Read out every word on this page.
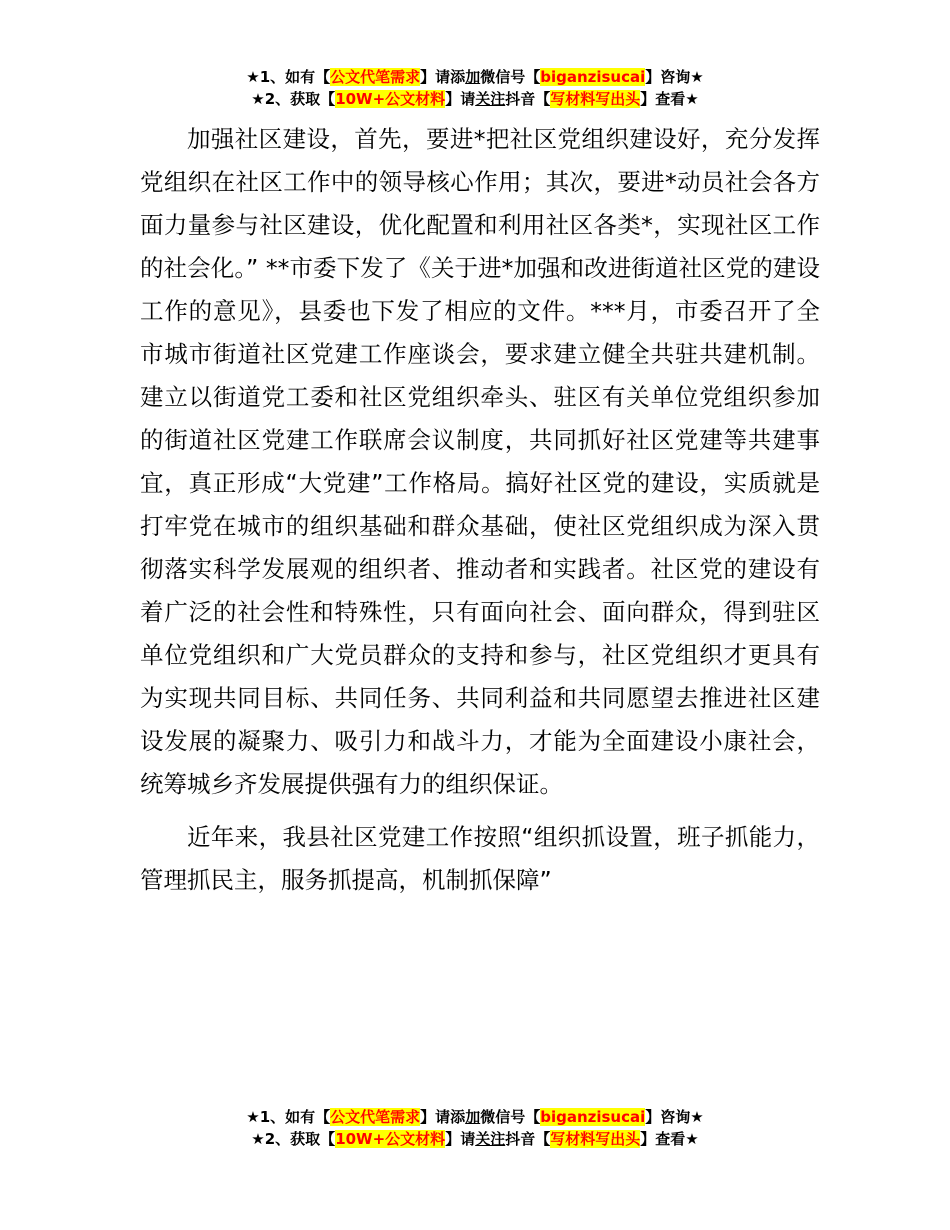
★1、如有【公文代笔需求】请添加微信号【biganzisucai】咨询★
★2、获取【10W+公文材料】请关注抖音【写材料写出头】查看★

加强社区建设，首先，要进*把社区党组织建设好，充分发挥党组织在社区工作中的领导核心作用；其次，要进*动员社会各方面力量参与社区建设，优化配置和利用社区各类*，实现社区工作的社会化。” **市委下发了《关于进*加强和改进街道社区党的建设工作的意见》，县委也下发了相应的文件。***月，市委召开了全市城市街道社区党建工作座谈会，要求建立健全共驻共建机制。建立以街道党工委和社区党组织牵头、驻区有关单位党组织参加的街道社区党建工作联席会议制度，共同抓好社区党建等共建事宜，真正形成“大党建”工作格局。搞好社区党的建设，实质就是打牢党在城市的组织基础和群众基础，使社区党组织成为深入贯彻落实科学发展观的组织者、推动者和实践者。社区党的建设有着广泛的社会性和特殊性，只有面向社会、面向群众，得到驻区单位党组织和广大党员群众的支持和参与，社区党组织才更具有为实现共同目标、共同任务、共同利益和共同愿望去推进社区建设发展的凝聚力、吸引力和战斗力，才能为全面建设小康社会，统筹城乡齐发展提供强有力的组织保证。

近年来，我县社区党建工作按照“组织抓设置，班子抓能力，管理抓民主，服务抓提高，机制抓保障”

★1、如有【公文代笔需求】请添加微信号【biganzisucai】咨询★
★2、获取【10W+公文材料】请关注抖音【写材料写出头】查看★
